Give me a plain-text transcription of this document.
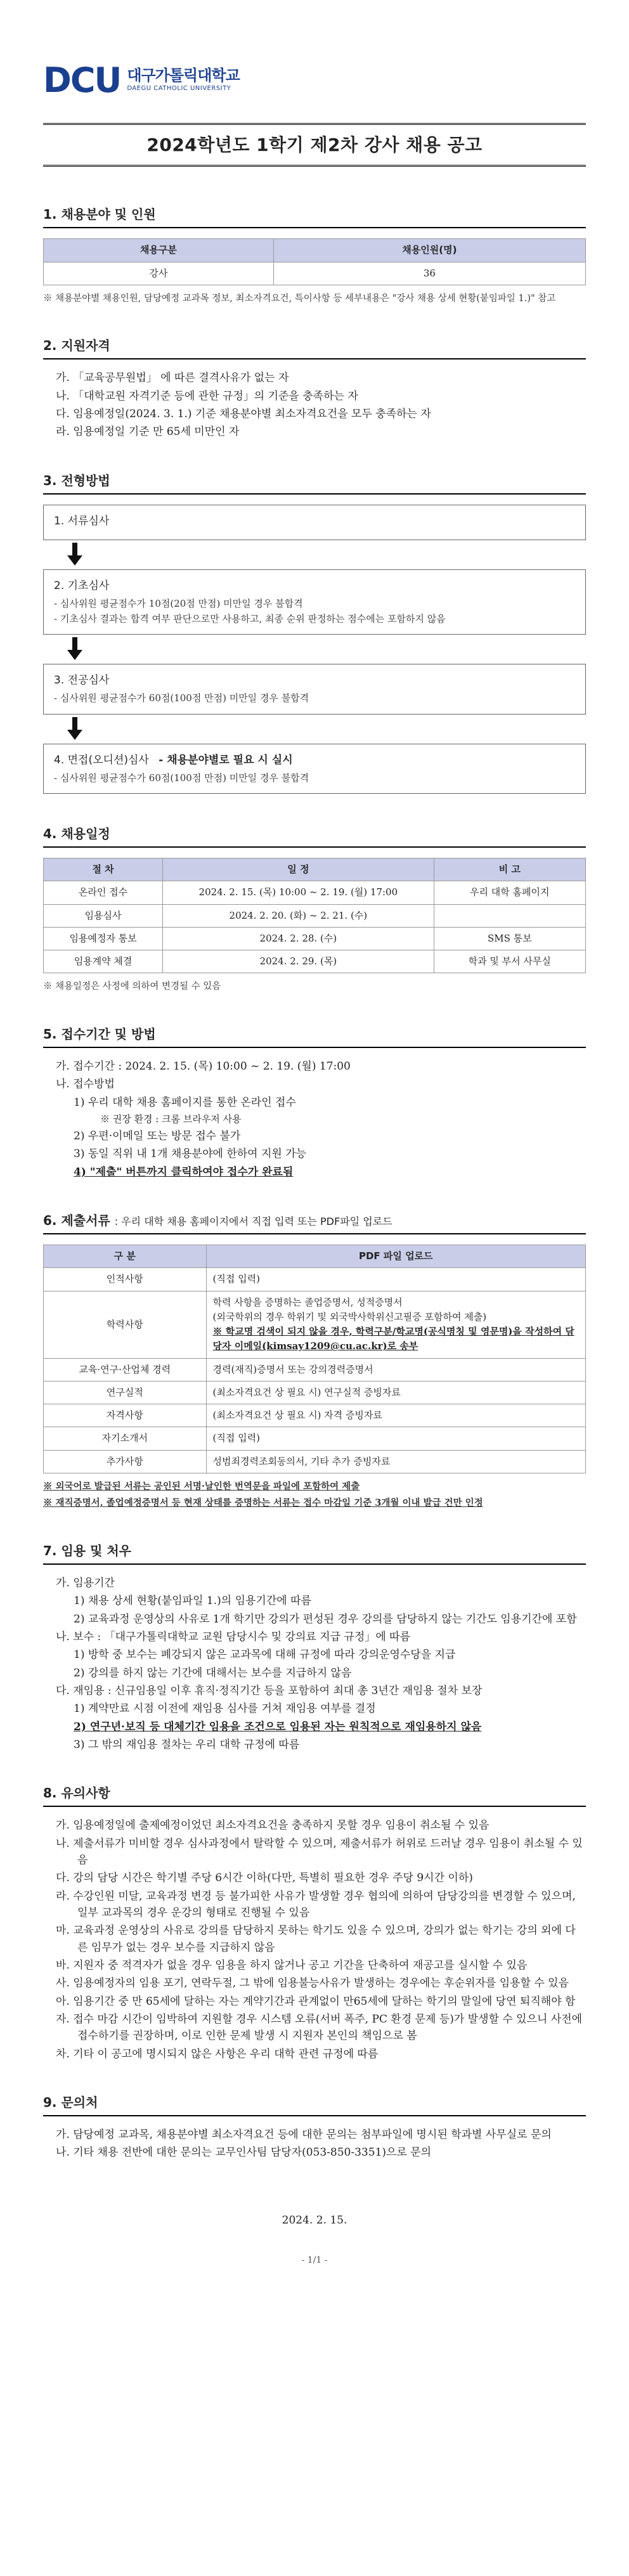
DCU 대구가톨릭대학교
DAEGU CATHOLIC UNIVERSITY
2024학년도 1학기 제2차 강사 채용 공고
1. 채용분야 및 인원
채용구분	채용인원(명)
강사	36

※ 채용분야별 채용인원, 담당예정 교과목 정보, 최소자격요건, 특이사항 등 세부내용은 "강사 채용 상세 현황(붙임파일 1.)" 참고

2. 지원자격

가. 「교육공무원법」 에 따른 결격사유가 없는 자

나. 「대학교원 자격기준 등에 관한 규정」의 기준을 충족하는 자

다. 임용예정일(2024. 3. 1.) 기준 채용분야별 최소자격요건을 모두 충족하는 자

라. 임용예정일 기준 만 65세 미만인 자

3. 전형방법
1. 서류심사
2. 기초심사
- 심사위원 평균점수가 10점(20점 만점) 미만일 경우 불합격
- 기초심사 결과는 합격 여부 판단으로만 사용하고, 최종 순위 판정하는 점수에는 포함하지 않음
3. 전공심사
- 심사위원 평균점수가 60점(100점 만점) 미만일 경우 불합격
4. 면접(오디션)심사 - 채용분야별로 필요 시 실시
- 심사위원 평균점수가 60점(100점 만점) 미만일 경우 불합격
4. 채용일정
절 차	일 정	비 고
온라인 접수	2024. 2. 15. (목) 10:00 ~ 2. 19. (월) 17:00	우리 대학 홈페이지
임용심사	2024. 2. 20. (화) ~ 2. 21. (수)	
임용예정자 통보	2024. 2. 28. (수)	SMS 통보
임용계약 체결	2024. 2. 29. (목)	학과 및 부서 사무실

※ 채용일정은 사정에 의하여 변경될 수 있음

5. 접수기간 및 방법

가. 접수기간 : 2024. 2. 15. (목) 10:00 ~ 2. 19. (월) 17:00

나. 접수방법

1) 우리 대학 채용 홈페이지를 통한 온라인 접수

※ 권장 환경 : 크롬 브라우저 사용

2) 우편·이메일 또는 방문 접수 불가

3) 동일 직위 내 1개 채용분야에 한하여 지원 가능

4) "제출" 버튼까지 클릭하여야 접수가 완료됨

6. 제출서류 : 우리 대학 채용 홈페이지에서 직접 입력 또는 PDF파일 업로드
구 분	PDF 파일 업로드
인적사항	(직접 입력)
학력사항	학력 사항을 증명하는 졸업증명서, 성적증명서
(외국학위의 경우 학위기 및 외국박사학위신고필증 포함하여 제출)
※ 학교명 검색이 되지 않을 경우, 학력구분/학교명(공식명칭 및 영문명)을 작성하여 담당자 이메일(kimsay1209@cu.ac.kr)로 송부

교육·연구·산업체 경력	경력(재직)증명서 또는 강의경력증명서
연구실적	(최소자격요건 상 필요 시) 연구실적 증빙자료
자격사항	(최소자격요건 상 필요 시) 자격 증빙자료
자기소개서	(직접 입력)
추가사항	성범죄경력조회동의서, 기타 추가 증빙자료

※ 외국어로 발급된 서류는 공인된 서명·날인한 번역문을 파일에 포함하여 제출

※ 재직증명서, 졸업예정증명서 등 현재 상태를 증명하는 서류는 접수 마감일 기준 3개월 이내 발급 건만 인정

7. 임용 및 처우

가. 임용기간

1) 채용 상세 현황(붙임파일 1.)의 임용기간에 따름

2) 교육과정 운영상의 사유로 1개 학기만 강의가 편성된 경우 강의를 담당하지 않는 기간도 임용기간에 포함

나. 보수 : 「대구가톨릭대학교 교원 담당시수 및 강의료 지급 규정」에 따름

1) 방학 중 보수는 폐강되지 않은 교과목에 대해 규정에 따라 강의운영수당을 지급

2) 강의를 하지 않는 기간에 대해서는 보수를 지급하지 않음

다. 재임용 : 신규임용일 이후 휴직·정직기간 등을 포함하여 최대 총 3년간 재임용 절차 보장

1) 계약만료 시점 이전에 재임용 심사를 거쳐 재임용 여부를 결정

2) 연구년·보직 등 대체기간 임용을 조건으로 임용된 자는 원칙적으로 재임용하지 않음

3) 그 밖의 재임용 절차는 우리 대학 규정에 따름

8. 유의사항

가. 임용예정일에 출제예정이었던 최소자격요건을 충족하지 못할 경우 임용이 취소될 수 있음

나. 제출서류가 미비할 경우 심사과정에서 탈락할 수 있으며, 제출서류가 허위로 드러날 경우 임용이 취소될 수 있음

다. 강의 담당 시간은 학기별 주당 6시간 이하(다만, 특별히 필요한 경우 주당 9시간 이하)

라. 수강인원 미달, 교육과정 변경 등 불가피한 사유가 발생할 경우 협의에 의하여 담당강의를 변경할 수 있으며, 일부 교과목의 경우 운강의 형태로 진행될 수 있음

마. 교육과정 운영상의 사유로 강의를 담당하지 못하는 학기도 있을 수 있으며, 강의가 없는 학기는 강의 외에 다른 임무가 없는 경우 보수를 지급하지 않음

바. 지원자 중 적격자가 없을 경우 임용을 하지 않거나 공고 기간을 단축하여 재공고를 실시할 수 있음

사. 임용예정자의 임용 포기, 연락두절, 그 밖에 임용불능사유가 발생하는 경우에는 후순위자를 임용할 수 있음

아. 임용기간 중 만 65세에 달하는 자는 계약기간과 관계없이 만65세에 달하는 학기의 말일에 당연 퇴직해야 함

자. 접수 마감 시간이 임박하여 지원할 경우 시스템 오류(서버 폭주, PC 환경 문제 등)가 발생할 수 있으니 사전에 접수하기를 권장하며, 이로 인한 문제 발생 시 지원자 본인의 책임으로 봄

차. 기타 이 공고에 명시되지 않은 사항은 우리 대학 관련 규정에 따름

9. 문의처

가. 담당예정 교과목, 채용분야별 최소자격요건 등에 대한 문의는 첨부파일에 명시된 학과별 사무실로 문의

나. 기타 채용 전반에 대한 문의는 교무인사팀 담당자(053-850-3351)으로 문의

2024. 2. 15.
- 1/1 -
